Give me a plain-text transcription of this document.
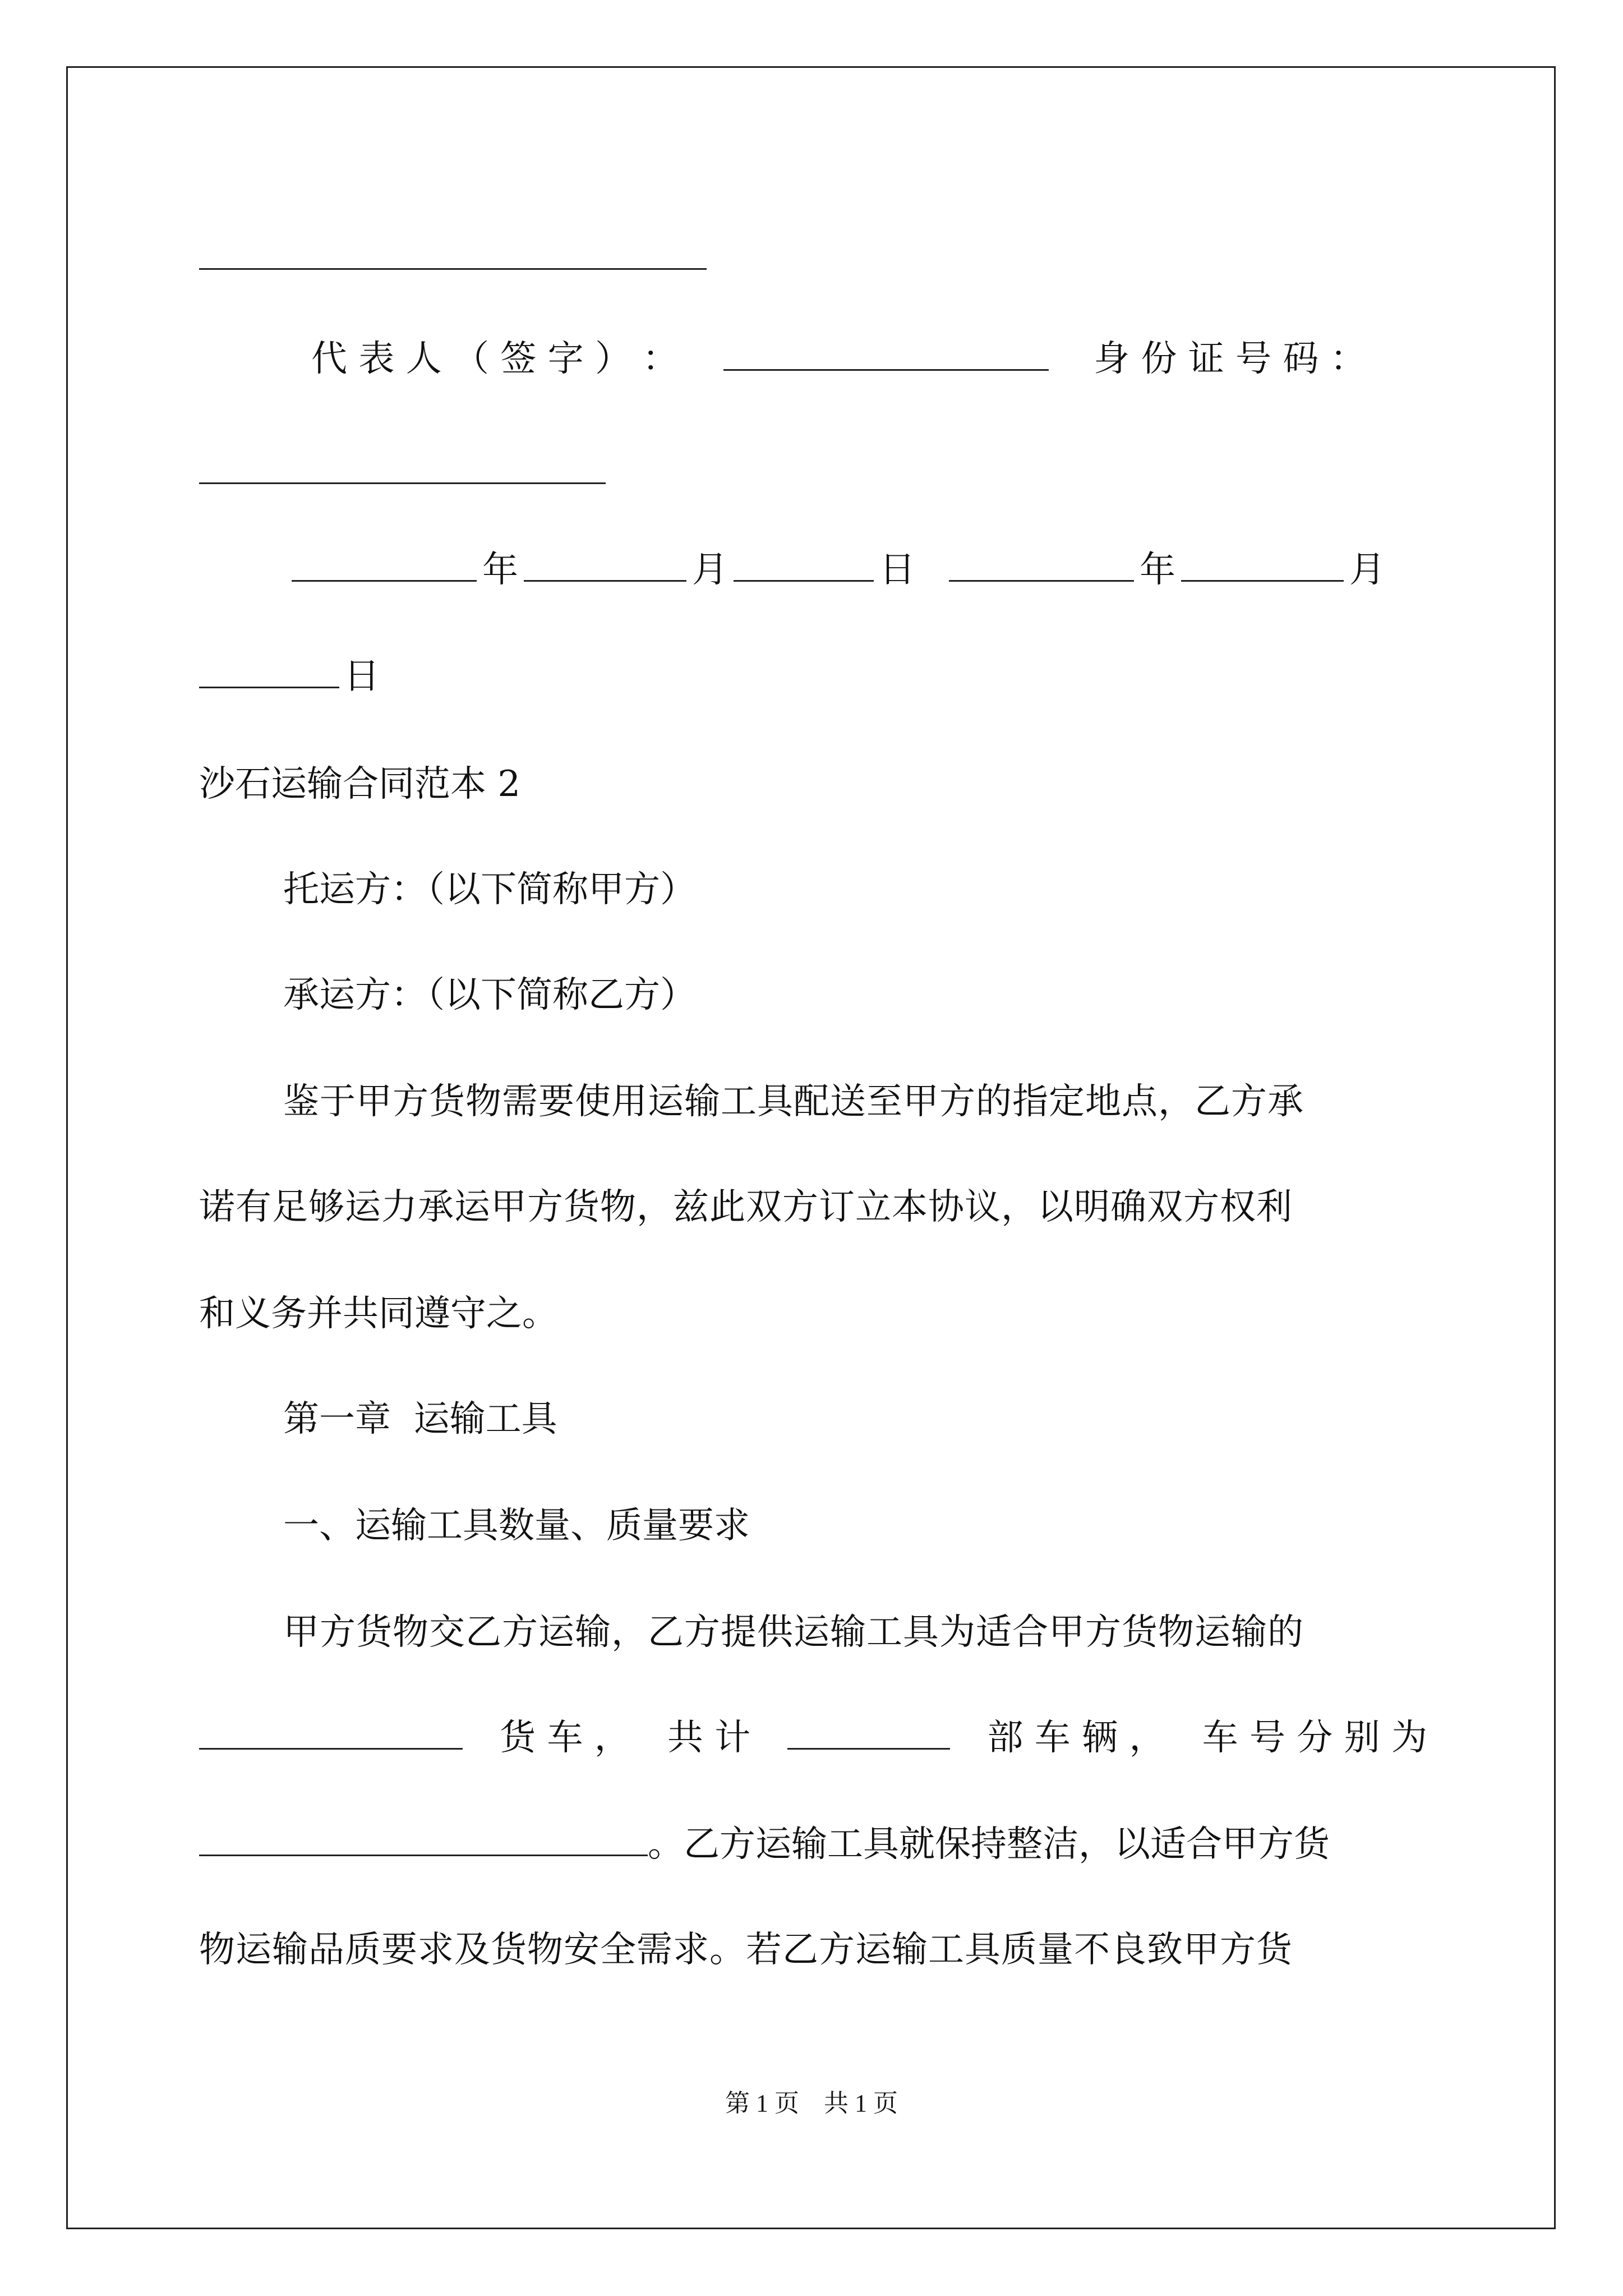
代 表 人 （ 签 字 ） ：	身 份 证 号 码 ：
年	月	日	年	月
日
沙石运输合同范本 2
托运方：（以下简称甲方）
承运方：（以下简称乙方）
鉴于甲方货物需要使用运输工具配送至甲方的指定地点，乙方承
诺有足够运力承运甲方货物，兹此双方订立本协议，以明确双方权利
和义务并共同遵守之。
第一章  运输工具
一、运输工具数量、质量要求
甲方货物交乙方运输，乙方提供运输工具为适合甲方货物运输的
货 车 ， 共 计	部 车 辆 ， 车 号 分 别 为
。乙方运输工具就保持整洁，以适合甲方货
物运输品质要求及货物安全需求。若乙方运输工具质量不良致甲方货
第 1 页    共 1 页
